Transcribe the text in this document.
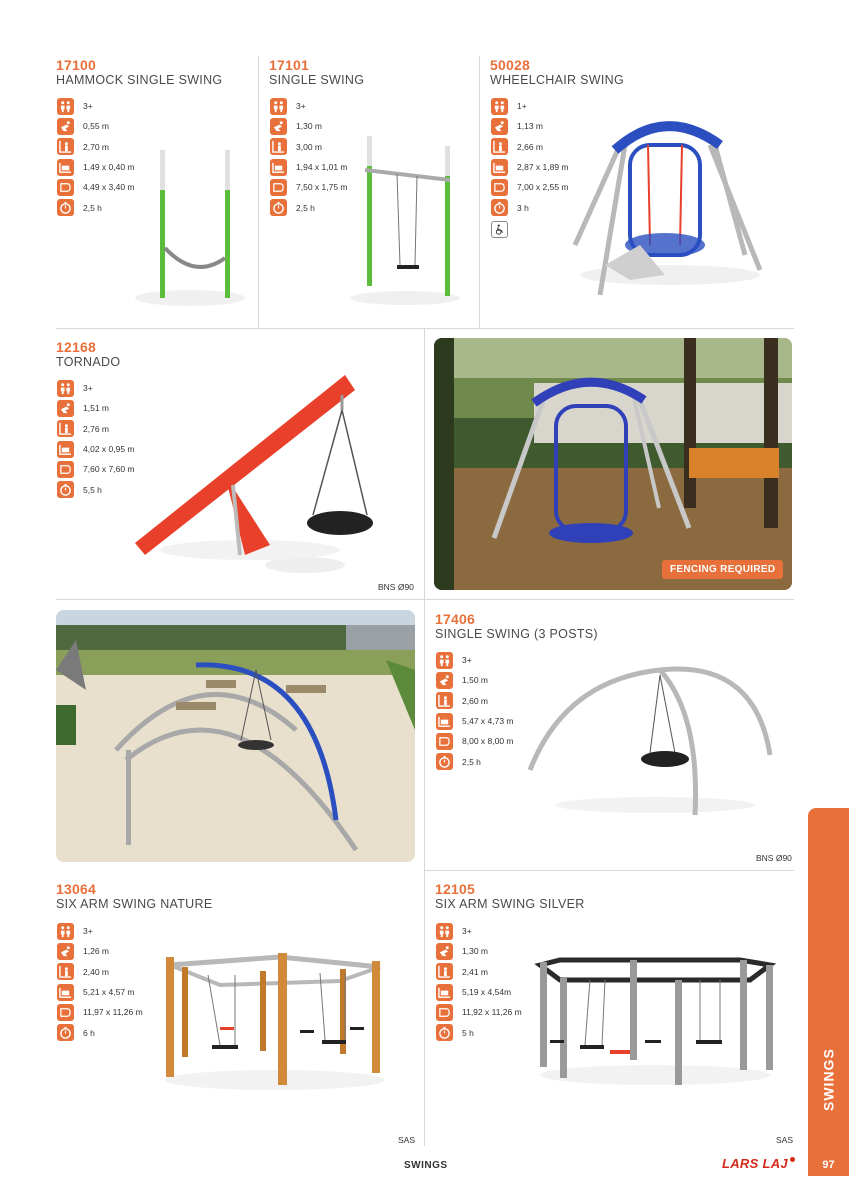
17100
HAMMOCK SINGLE SWING
3+
0,55 m
2,70 m
1,49 x 0,40 m
4,49 x 3,40 m
2,5 h
17101
SINGLE SWING
3+
1,30 m
3,00 m
1,94 x 1,01 m
7,50 x 1,75 m
2,5 h
50028
WHEELCHAIR SWING
1+
1,13 m
2,66 m
2,87 x 1,89 m
7,00 x 2,55 m
3 h
12168
TORNADO
3+
1,51 m
2,76 m
4,02 x 0,95 m
7,60 x 7,60 m
5,5 h
BNS Ø90
FENCING REQUIRED
17406
SINGLE SWING (3 POSTS)
3+
1,50 m
2,60 m
5,47 x 4,73 m
8,00 x 8,00 m
2,5 h
BNS Ø90
13064
SIX ARM SWING NATURE
3+
1,26 m
2,40 m
5,21 x 4,57 m
11,97 x 11,26 m
6 h
SAS
12105
SIX ARM SWING SILVER
3+
1,30 m
2,41 m
5,19 x 4,54m
11,92 x 11,26 m
5 h
SAS
SWINGS	LARS LAJ
SWINGS
97
